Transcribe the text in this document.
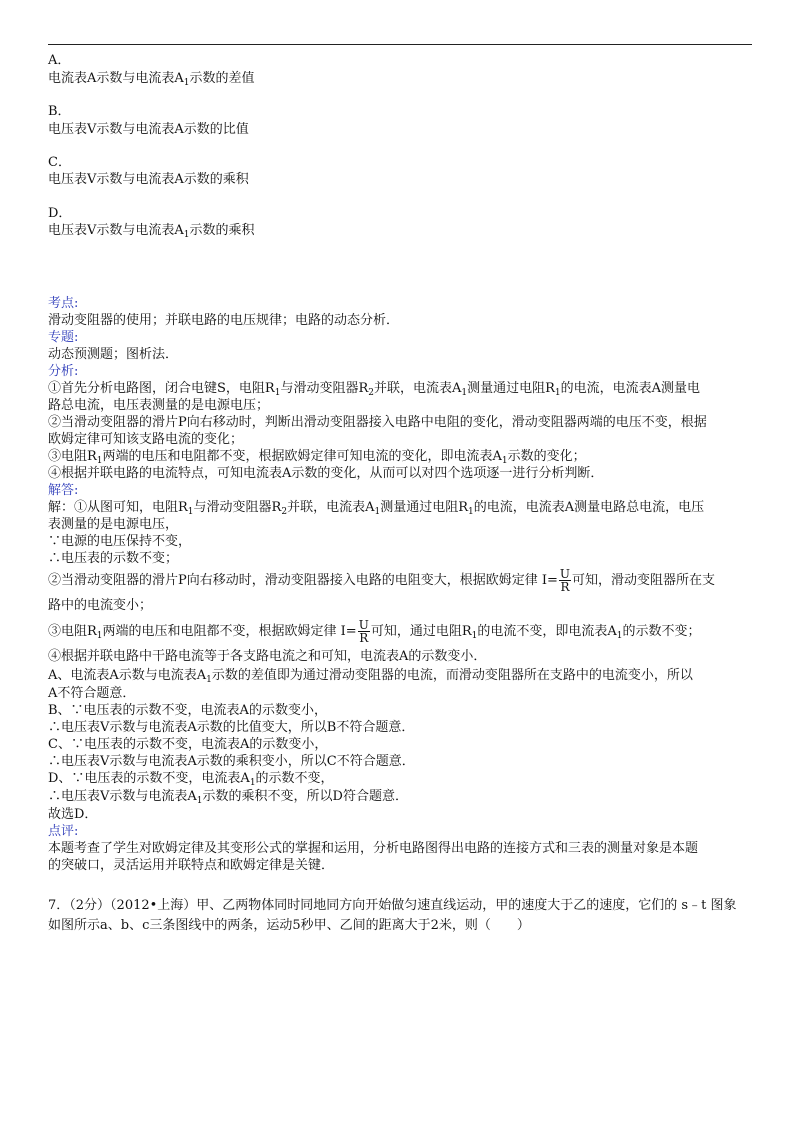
A．
电流表A示数与电流表$A_1$示数的差值
B．
电压表V示数与电流表A示数的比值
C．
电压表V示数与电流表A示数的乘积
D．
电压表V示数与电流表$A_1$示数的乘积
考点:
滑动变阻器的使用；并联电路的电压规律；电路的动态分析．
专题:
动态预测题；图析法．
分析:
①首先分析电路图，闭合电键S，电阻$R_1$与滑动变阻器$R_2$并联，电流表$A_1$测量通过电阻$R_1$的电流，电流表A测量电
路总电流，电压表测量的是电源电压；
②当滑动变阻器的滑片P向右移动时，判断出滑动变阻器接入电路中电阻的变化，滑动变阻器两端的电压不变，根据
欧姆定律可知该支路电流的变化；
③电阻$R_1$两端的电压和电阻都不变，根据欧姆定律可知电流的变化，即电流表$A_1$示数的变化；
④根据并联电路的电流特点，可知电流表A示数的变化，从而可以对四个选项逐一进行分析判断．
解答:
解：①从图可知，电阻$R_1$与滑动变阻器$R_2$并联，电流表$A_1$测量通过电阻$R_1$的电流，电流表A测量电路总电流，电压
表测量的是电源电压，
∵电源的电压保持不变，
∴电压表的示数不变；
②当滑动变阻器的滑片P向右移动时，滑动变阻器接入电路的电阻变大，根据欧姆定律 $I= \frac{U}{R}$ 可知，滑动变阻器所在支
路中的电流变小；
③电阻$R_1$两端的电压和电阻都不变，根据欧姆定律 $I= \frac{U}{R}$ 可知，通过电阻$R_1$的电流不变，即电流表$A_1$的示数不变；
④根据并联电路中干路电流等于各支路电流之和可知，电流表A的示数变小．
A、电流表A示数与电流表$A_1$示数的差值即为通过滑动变阻器的电流，而滑动变阻器所在支路中的电流变小，所以
A不符合题意．
B、∵电压表的示数不变，电流表A的示数变小，
∴电压表V示数与电流表A示数的比值变大，所以B不符合题意．
C、∵电压表的示数不变，电流表A的示数变小，
∴电压表V示数与电流表A示数的乘积变小，所以C不符合题意．
D、∵电压表的示数不变，电流表$A_1$的示数不变，
∴电压表V示数与电流表$A_1$示数的乘积不变，所以D符合题意．
故选D．
点评:
本题考查了学生对欧姆定律及其变形公式的掌握和运用，分析电路图得出电路的连接方式和三表的测量对象是本题
的突破口，灵活运用并联特点和欧姆定律是关键．
7．（2分）（2012•上海）甲、乙两物体同时同地同方向开始做匀速直线运动，甲的速度大于乙的速度，它们的 s﹣t 图象
如图所示a、b、c三条图线中的两条，运动5秒甲、乙间的距离大于2米，则（　　）
